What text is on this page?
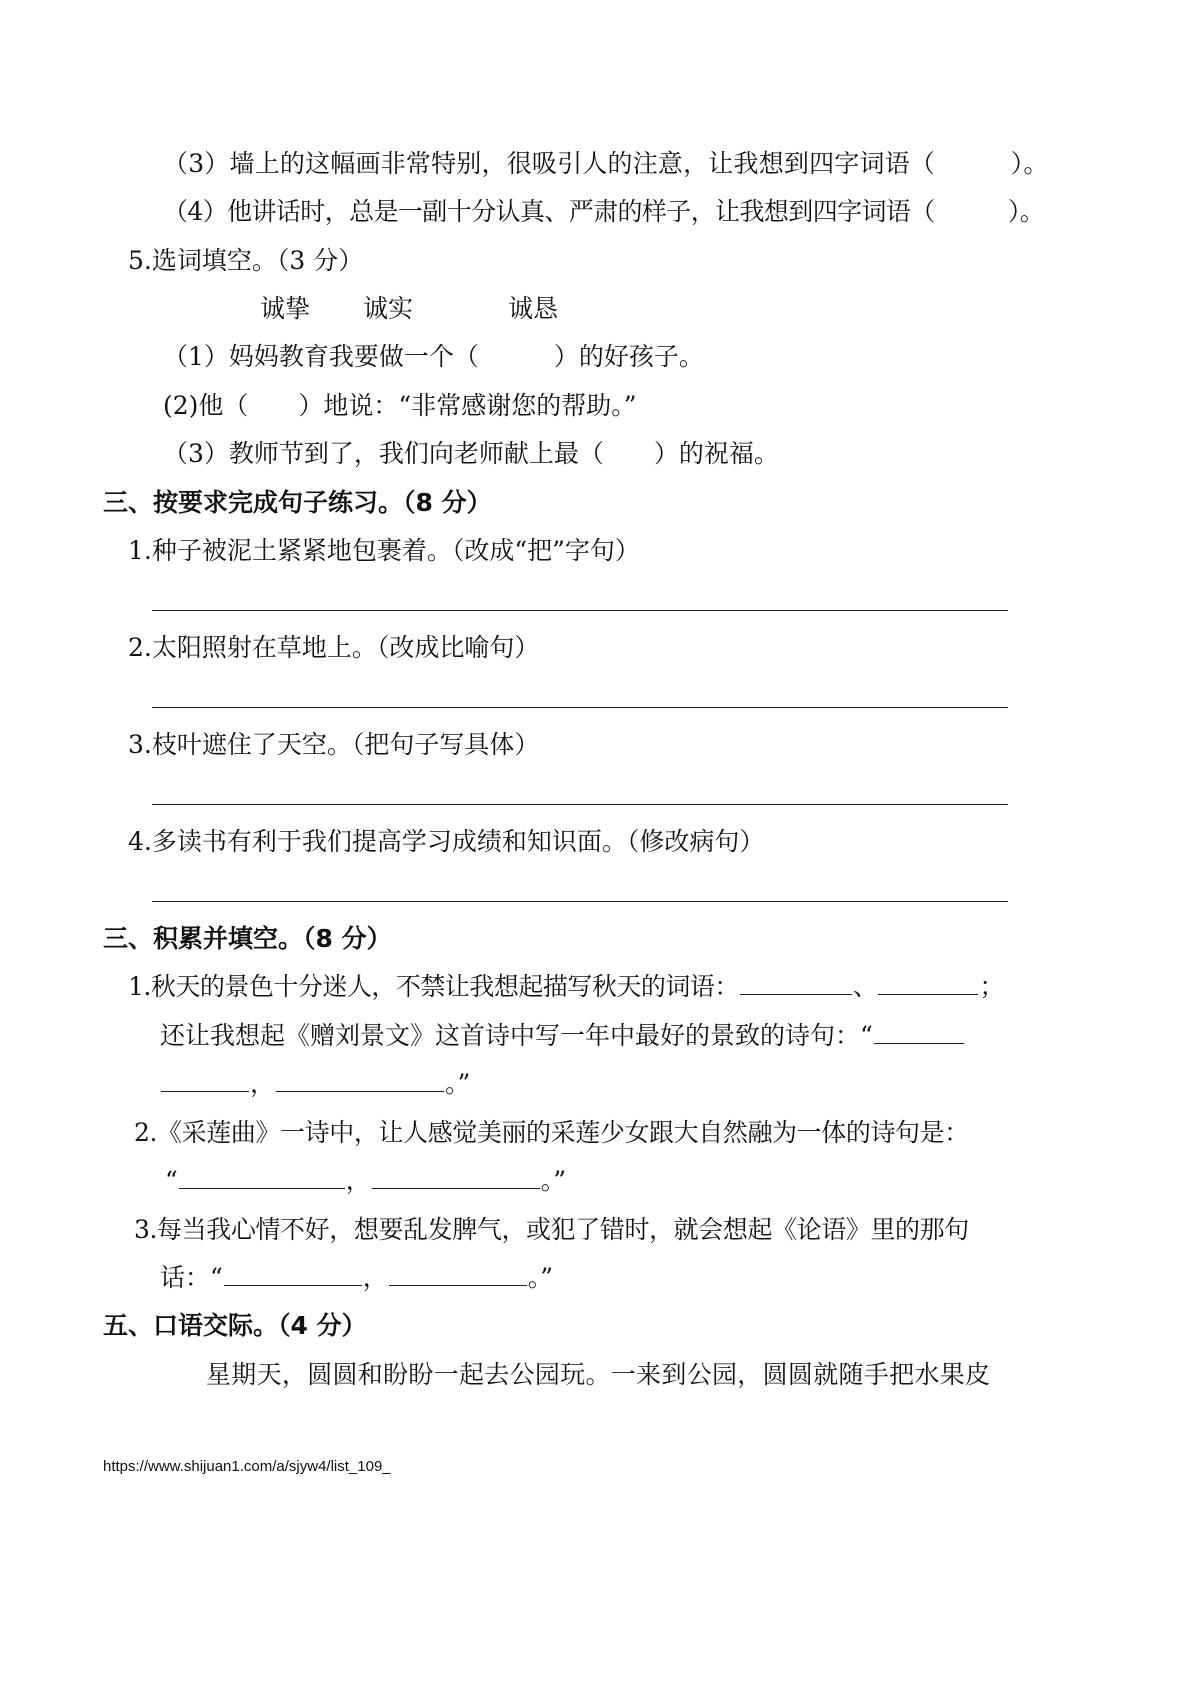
（3）墙上的这幅画非常特别，很吸引人的注意，让我想到四字词语（　　　）。
（4）他讲话时，总是一副十分认真、严肃的样子，让我想到四字词语（　　　）。
5.选词填空。（3 分）
诚挚 诚实	诚恳
（1）妈妈教育我要做一个（　　　）的好孩子。
(2)他（　　）地说：“非常感谢您的帮助。”
（3）教师节到了，我们向老师献上最（　　）的祝福。
三、按要求完成句子练习。（8 分）
1.种子被泥土紧紧地包裹着。（改成“把”字句）
2.太阳照射在草地上。（改成比喻句）
3.枝叶遮住了天空。（把句子写具体）
4.多读书有利于我们提高学习成绩和知识面。（修改病句）
三、积累并填空。（8 分）
1.秋天的景色十分迷人，不禁让我想起描写秋天的词语：	、	；
还让我想起《赠刘景文》这首诗中写一年中最好的景致的诗句：“
，	。”
2.《采莲曲》一诗中，让人感觉美丽的采莲少女跟大自然融为一体的诗句是：
“	，	。”
3.每当我心情不好，想要乱发脾气，或犯了错时，就会想起《论语》里的那句
话：“	，	。”
五、口语交际。（4 分）
星期天，圆圆和盼盼一起去公园玩。一来到公园，圆圆就随手把水果皮
https://www.shijuan1.com/a/sjyw4/list_109_
